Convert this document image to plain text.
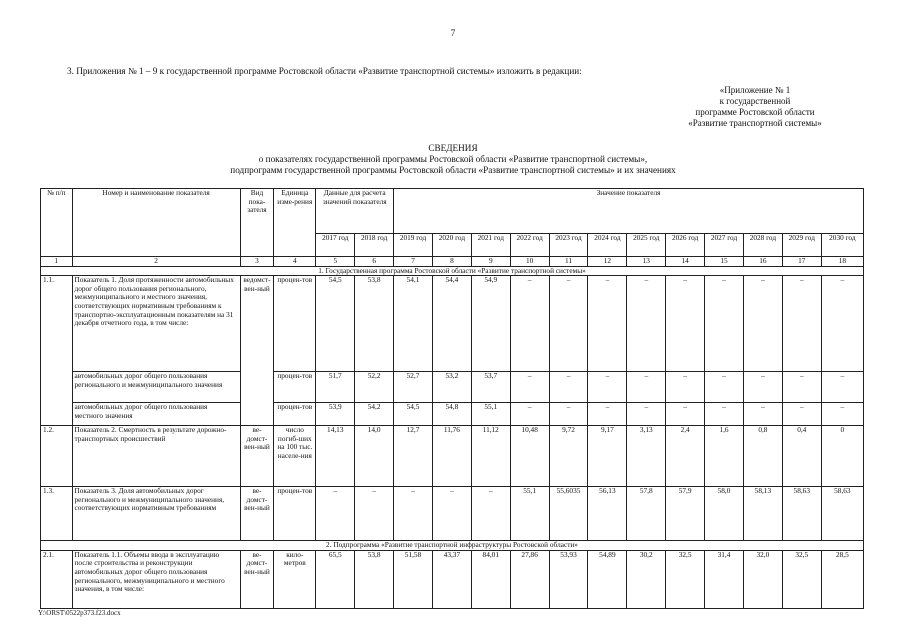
7
3. Приложения № 1 – 9 к государственной программе Ростовской области «Развитие транспортной системы» изложить в редакции:
«Приложение № 1
к государственной
программе Ростовской области
«Развитие транспортной системы»
СВЕДЕНИЯ
о показателях государственной программы Ростовской области «Развитие транспортной системы»,
подпрограмм государственной программы Ростовской области «Развитие транспортной системы» и их значениях
№ п/п	Номер и наименование показателя	Вид пока-зателя	Единица изме-рения	Данные для расчета значений показателя		Значение показателя											
				2017 год	2018 год	2019 год	2020 год	2021 год	2022 год	2023 год	2024 год	2025 год	2026 год	2027 год	2028 год	2029 год	2030 год
1	2	3	4	5	6	7	8	9	10	11	12	13	14	15	16	17	18
1. Государственная программа Ростовской области «Развитие транспортной системы»																	
1.1.	Показатель 1. Доля протяженности автомобильных дорог общего пользования регионального, межмуниципального и местного значения, соответствующих нормативным требованиям к транспортно-эксплуатационным показателям на 31 декабря отчетного года, в том числе:	ведомст-вен-ный	процен-тов	54,5	53,8	54,1	54,4	54,9	–	–	–	–	–	–	–	–	–
	автомобильных дорог общего пользования регионального и межмуниципального значения		процен-тов	51,7	52,2	52,7	53,2	53,7	–	–	–	–	–	–	–	–	–
	автомобильных дорог общего пользования местного значения		процен-тов	53,9	54,2	54,5	54,8	55,1	–	–	–	–	–	–	–	–	–
1.2.	Показатель 2. Смертность в результате дорожно-транспортных происшествий	ве-домст-вен-ный	число погиб-ших на 100 тыс. населе-ния	14,13	14,0	12,7	11,76	11,12	10,48	9,72	9,17	3,13	2,4	1,6	0,8	0,4	0
1.3.	Показатель 3. Доля автомобильных дорог регионального и межмуниципального значения, соответствующих нормативным требованиям	ве-домст-вен-ный	процен-тов	–	–	–	–	–	55,1	55,6035	56,13	57,8	57,9	58,0	58,13	58,63	58,63
2. Подпрограмма «Развитие транспортной инфраструктуры Ростовской области»																	
2.1.	Показатель 1.1. Объемы ввода в эксплуатацию после строительства и реконструкции автомобильных дорог общего пользования регионального, межмуниципального и местного значения, в том числе:	ве-домст-вен-ный	кило-метров	65,5	53,8	51,58	43,37	84,01	27,86	53,93	54,89	30,2	32,5	31,4	32,0	32,5	28,5
Y:\ORST\0522p373.f23.docx
